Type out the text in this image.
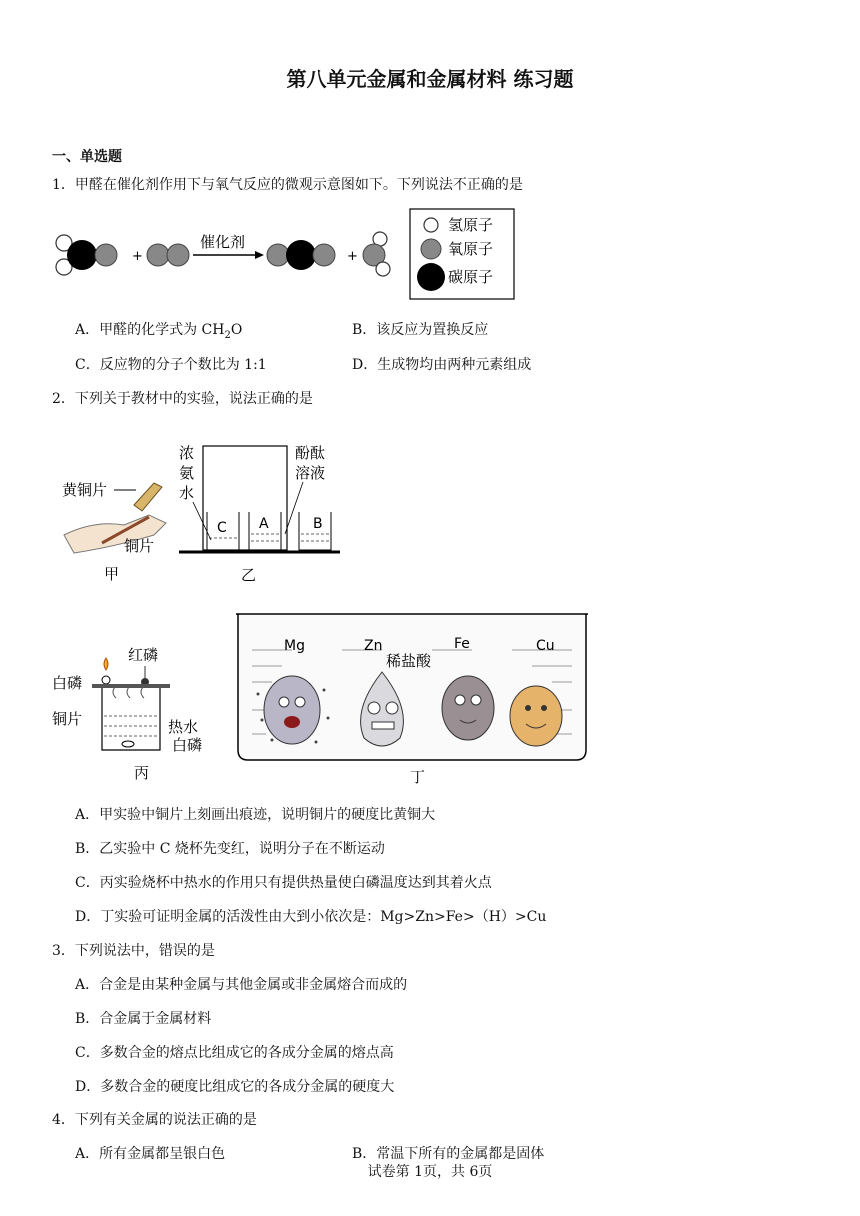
第八单元金属和金属材料 练习题
一、单选题
1．甲醛在催化剂作用下与氧气反应的微观示意图如下。下列说法不正确的是
+
催化剂
+
氢原子
氧原子
碳原子
A．甲醛的化学式为 $CH_2O$	B．该反应为置换反应
C．反应物的分子个数比为 1:1	D．生成物均由两种元素组成
2．下列关于教材中的实验，说法正确的是
黄铜片
铜片
甲
浓
氨
水
酚酞
溶液
C A	B
乙
红磷
白磷
铜片	热水
白磷
丙
Mg	Zn	Fe	Cu
稀盐酸
丁
A．甲实验中铜片上刻画出痕迹，说明铜片的硬度比黄铜大
B．乙实验中 C 烧杯先变红，说明分子在不断运动
C．丙实验烧杯中热水的作用只有提供热量使白磷温度达到其着火点
D．丁实验可证明金属的活泼性由大到小依次是：Mg>Zn>Fe>（H）>Cu
3．下列说法中，错误的是
A．合金是由某种金属与其他金属或非金属熔合而成的
B．合金属于金属材料
C．多数合金的熔点比组成它的各成分金属的熔点高
D．多数合金的硬度比组成它的各成分金属的硬度大
4．下列有关金属的说法正确的是
A．所有金属都呈银白色	B．常温下所有的金属都是固体
试卷第 1页，共 6页
